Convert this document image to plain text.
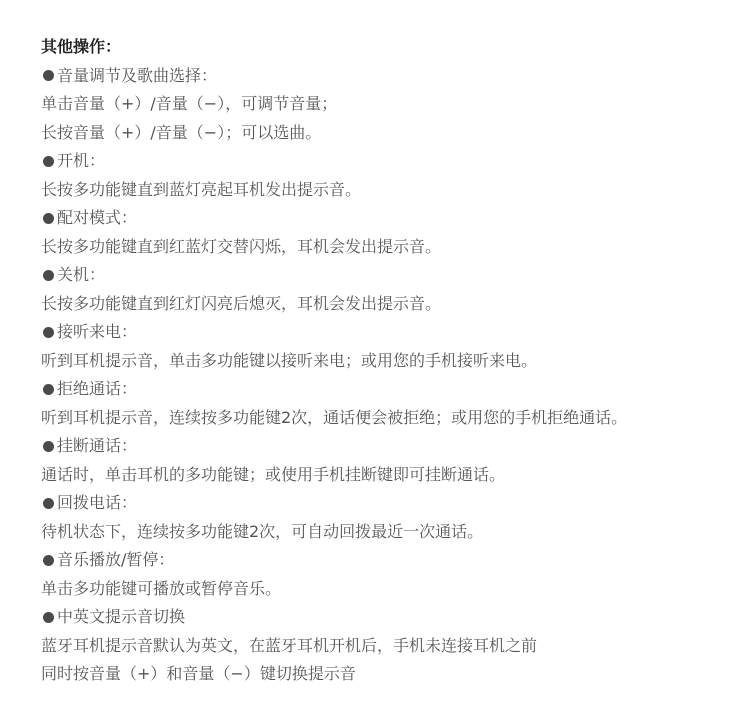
其他操作：
音量调节及歌曲选择：
单击音量（+）/音量（−），可调节音量；
长按音量（+）/音量（−）；可以选曲。
开机：
长按多功能键直到蓝灯亮起耳机发出提示音。
配对模式：
长按多功能键直到红蓝灯交替闪烁，耳机会发出提示音。
关机：
长按多功能键直到红灯闪亮后熄灭，耳机会发出提示音。
接听来电：
听到耳机提示音，单击多功能键以接听来电；或用您的手机接听来电。
拒绝通话：
听到耳机提示音，连续按多功能键2次，通话便会被拒绝；或用您的手机拒绝通话。
挂断通话：
通话时，单击耳机的多功能键；或使用手机挂断键即可挂断通话。
回拨电话：
待机状态下，连续按多功能键2次，可自动回拨最近一次通话。
音乐播放/暂停：
单击多功能键可播放或暂停音乐。
中英文提示音切换
蓝牙耳机提示音默认为英文，在蓝牙耳机开机后，手机未连接耳机之前
同时按音量（+）和音量（−）键切换提示音
